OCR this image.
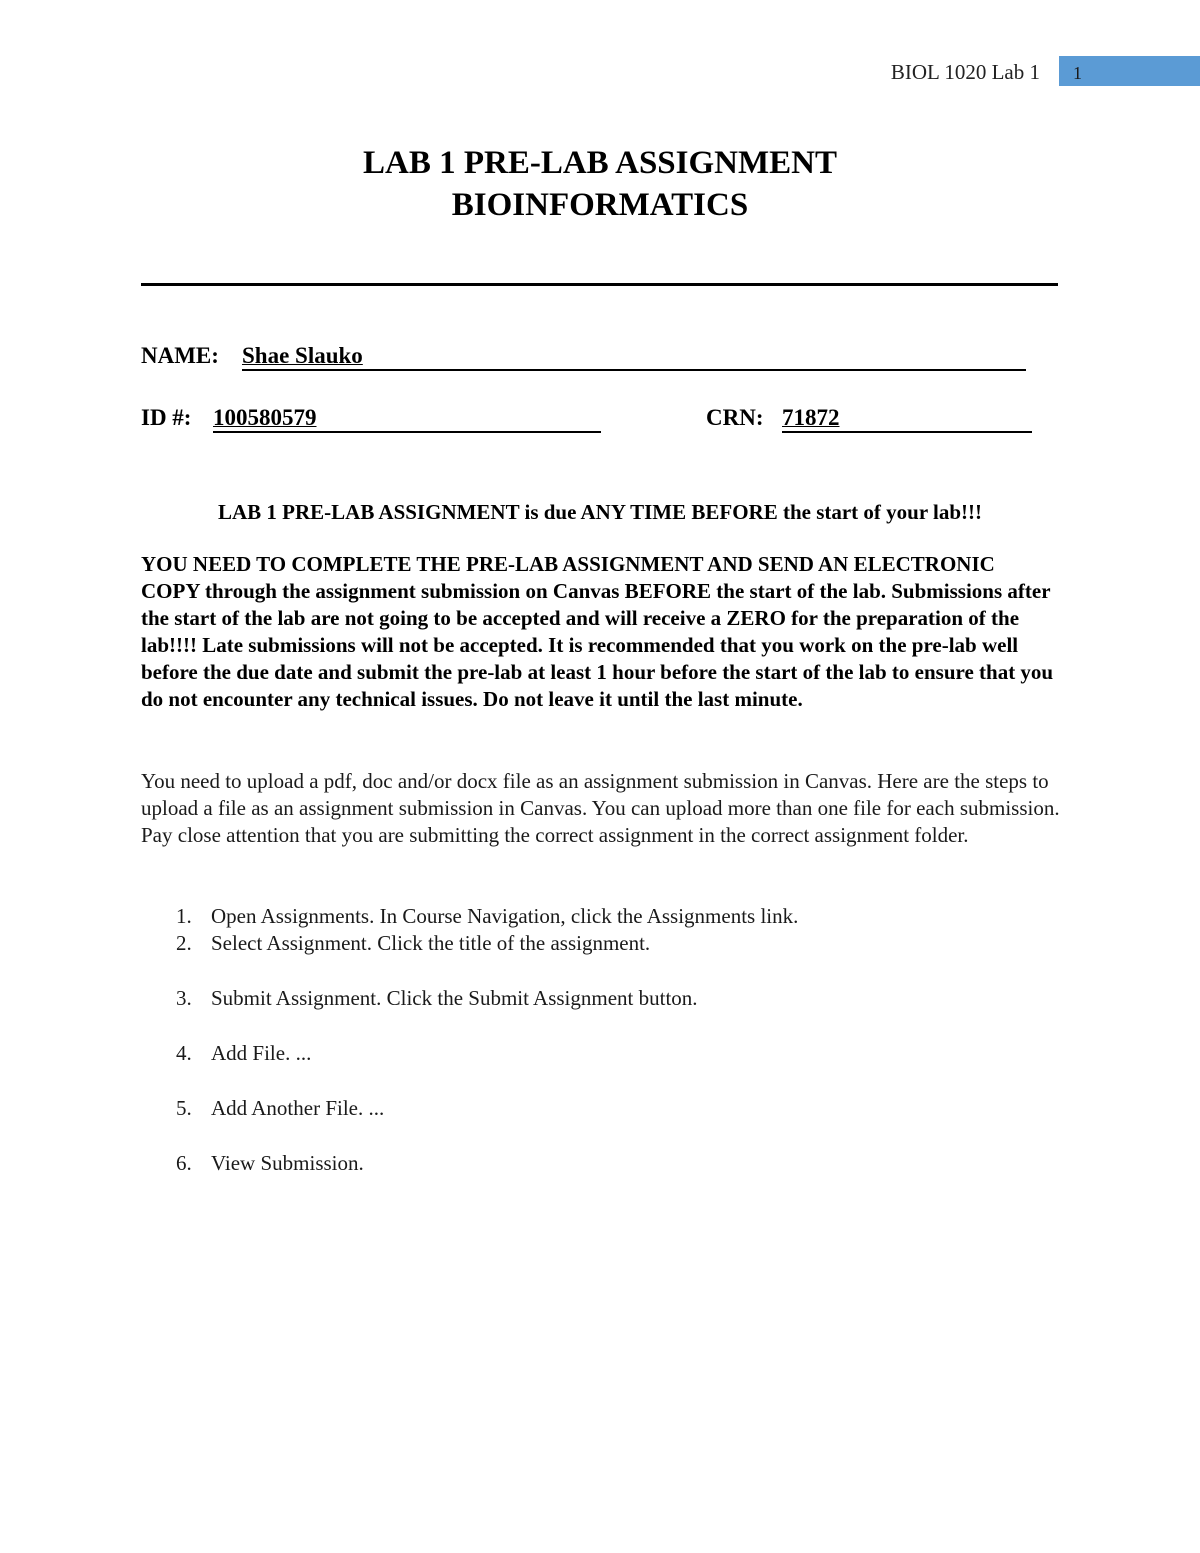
BIOL 1020 Lab 1	1
LAB 1 PRE-LAB ASSIGNMENT
BIOINFORMATICS
NAME: Shae Slauko
ID #: 100580579	CRN: 71872
LAB 1 PRE-LAB ASSIGNMENT is due ANY TIME BEFORE the start of your lab!!!

YOU NEED TO COMPLETE THE PRE-LAB ASSIGNMENT AND SEND AN ELECTRONIC COPY through the assignment submission on Canvas BEFORE the start of the lab. Submissions after the start of the lab are not going to be accepted and will receive a ZERO for the preparation of the lab!!!! Late submissions will not be accepted. It is recommended that you work on the pre-lab well before the due date and submit the pre-lab at least 1 hour before the start of the lab to ensure that you do not encounter any technical issues. Do not leave it until the last minute.

You need to upload a pdf, doc and/or docx file as an assignment submission in Canvas. Here are the steps to upload a file as an assignment submission in Canvas. You can upload more than one file for each submission. Pay close attention that you are submitting the correct assignment in the correct assignment folder.

1. Open Assignments. In Course Navigation, click the Assignments link.
2. Select Assignment. Click the title of the assignment.
3. Submit Assignment. Click the Submit Assignment button.
4. Add File. ...
5. Add Another File. ...
6. View Submission.
